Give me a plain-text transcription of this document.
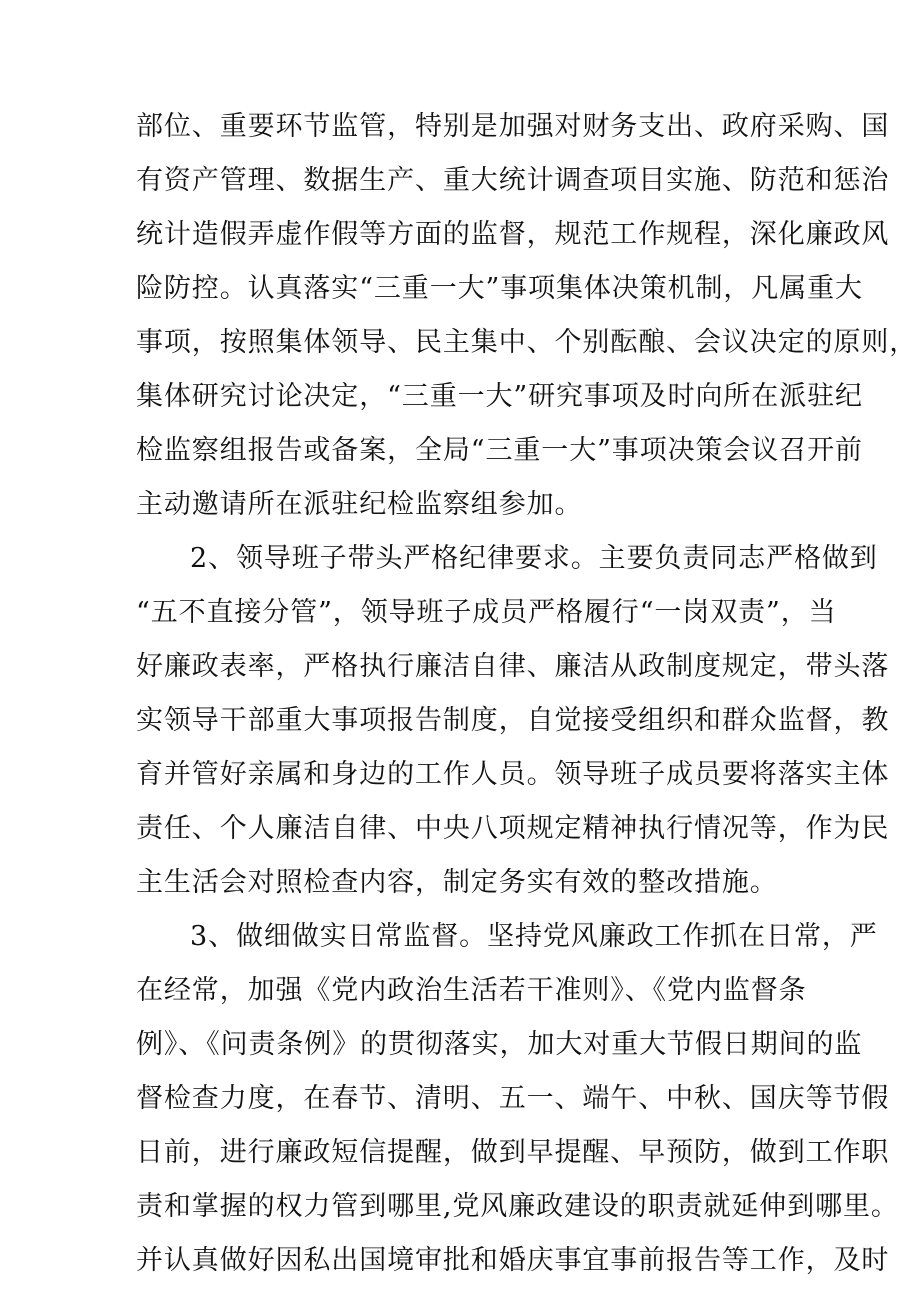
部位、重要环节监管，特别是加强对财务支出、政府采购、国

有资产管理、数据生产、重大统计调查项目实施、防范和惩治

统计造假弄虚作假等方面的监督，规范工作规程，深化廉政风

险防控。认真落实“三重一大”事项集体决策机制，凡属重大

事项，按照集体领导、民主集中、个别酝酿、会议决定的原则，

集体研究讨论决定，“三重一大”研究事项及时向所在派驻纪

检监察组报告或备案，全局“三重一大”事项决策会议召开前

主动邀请所在派驻纪检监察组参加。

2、领导班子带头严格纪律要求。主要负责同志严格做到

“五不直接分管”，领导班子成员严格履行“一岗双责”，当

好廉政表率，严格执行廉洁自律、廉洁从政制度规定，带头落

实领导干部重大事项报告制度，自觉接受组织和群众监督，教

育并管好亲属和身边的工作人员。领导班子成员要将落实主体

责任、个人廉洁自律、中央八项规定精神执行情况等，作为民

主生活会对照检查内容，制定务实有效的整改措施。

3、做细做实日常监督。坚持党风廉政工作抓在日常，严

在经常，加强《党内政治生活若干准则》、《党内监督条

例》、《问责条例》的贯彻落实，加大对重大节假日期间的监

督检查力度，在春节、清明、五一、端午、中秋、国庆等节假

日前，进行廉政短信提醒，做到早提醒、早预防，做到工作职

责和掌握的权力管到哪里,党风廉政建设的职责就延伸到哪里。

并认真做好因私出国境审批和婚庆事宜事前报告等工作，及时
